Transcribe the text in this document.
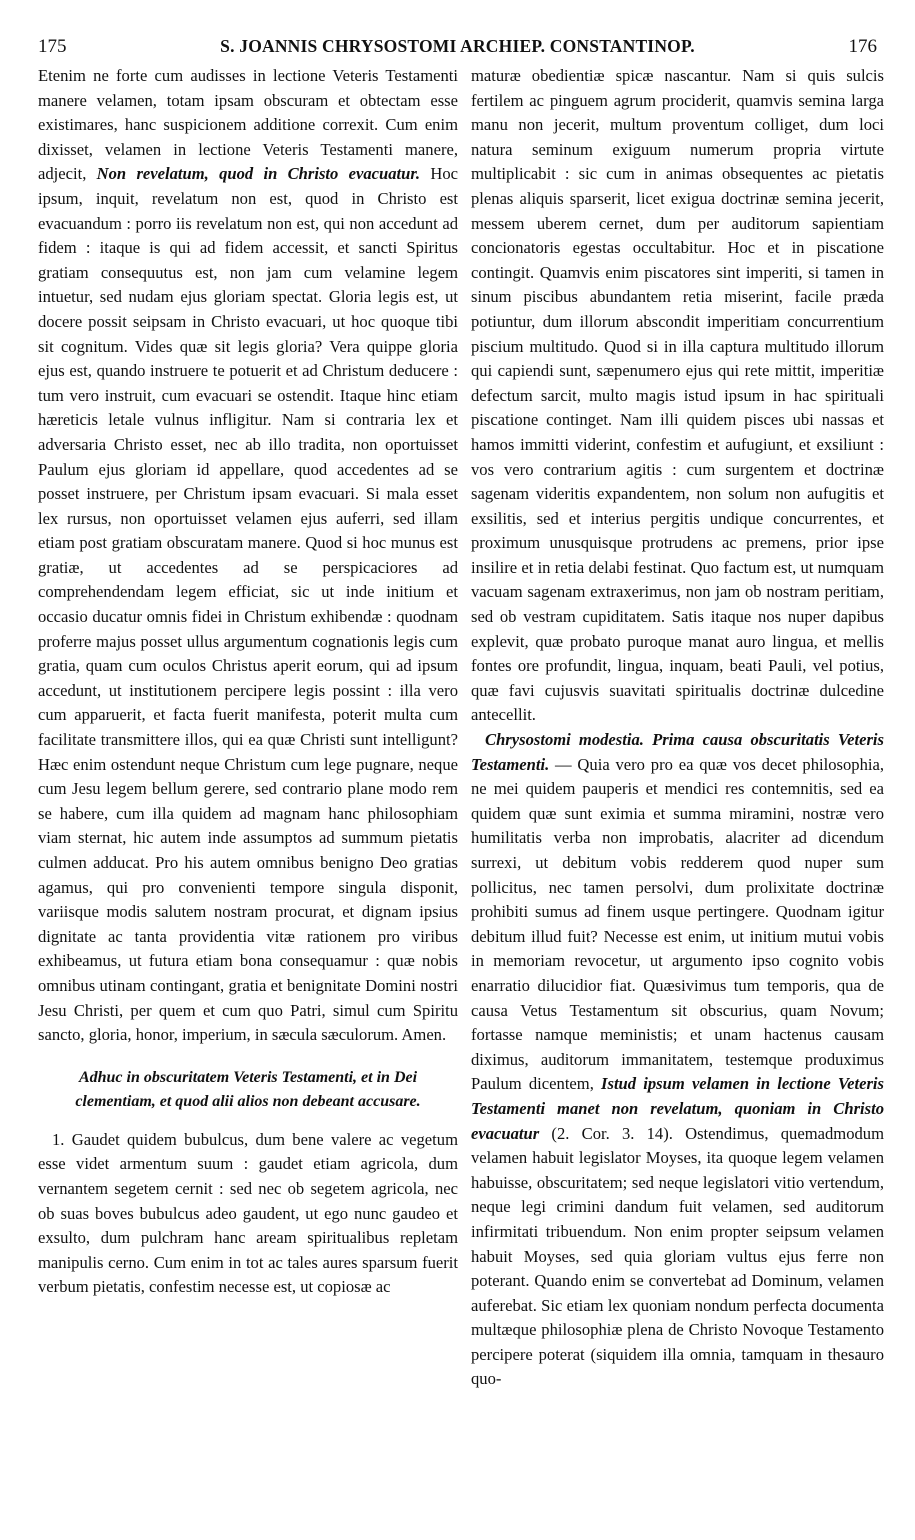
175	S. JOANNIS CHRYSOSTOMI ARCHIEP. CONSTANTINOP.	176

Etenim ne forte cum audisses in lectione Veteris Testamenti manere velamen, totam ipsam obscuram et obtectam esse existimares, hanc suspicionem additione correxit. Cum enim dixisset, velamen in lectione Veteris Testamenti manere, adjecit, Non revelatum, quod in Christo evacuatur. Hoc ipsum, inquit, revelatum non est, quod in Christo est evacuandum : porro iis revelatum non est, qui non accedunt ad fidem : itaque is qui ad fidem accessit, et sancti Spiritus gratiam consequutus est, non jam cum velamine legem intuetur, sed nudam ejus gloriam spectat. Gloria legis est, ut docere possit seipsam in Christo evacuari, ut hoc quoque tibi sit cognitum. Vides quæ sit legis gloria? Vera quippe gloria ejus est, quando instruere te potuerit et ad Christum deducere : tum vero instruit, cum evacuari se ostendit. Itaque hinc etiam hæreticis letale vulnus infligitur. Nam si contraria lex et adversaria Christo esset, nec ab illo tradita, non oportuisset Paulum ejus gloriam id appellare, quod accedentes ad se posset instruere, per Christum ipsam evacuari. Si mala esset lex rursus, non oportuisset velamen ejus auferri, sed illam etiam post gratiam obscuratam manere. Quod si hoc munus est gratiæ, ut accedentes ad se perspicaciores ad comprehendendam legem efficiat, sic ut inde initium et occasio ducatur omnis fidei in Christum exhibendæ : quodnam proferre majus posset ullus argumentum cognationis legis cum gratia, quam cum oculos Christus aperit eorum, qui ad ipsum accedunt, ut institutionem percipere legis possint : illa vero cum apparuerit, et facta fuerit manifesta, poterit multa cum facilitate transmittere illos, qui ea quæ Christi sunt intelligunt? Hæc enim ostendunt neque Christum cum lege pugnare, neque cum Jesu legem bellum gerere, sed contrario plane modo rem se habere, cum illa quidem ad magnam hanc philosophiam viam sternat, hic autem inde assumptos ad summum pietatis culmen adducat. Pro his autem omnibus benigno Deo gratias agamus, qui pro convenienti tempore singula disponit, variisque modis salutem nostram procurat, et dignam ipsius dignitate ac tanta providentia vitæ rationem pro viribus exhibeamus, ut futura etiam bona consequamur : quæ nobis omnibus utinam contingant, gratia et benignitate Domini nostri Jesu Christi, per quem et cum quo Patri, simul cum Spiritu sancto, gloria, honor, imperium, in sæcula sæculorum. Amen.

Adhuc in obscuritatem Veteris Testamenti, et in Dei clementiam, et quod alii alios non debeant accusare.

1. Gaudet quidem bubulcus, dum bene valere ac vegetum esse videt armentum suum : gaudet etiam agricola, dum vernantem segetem cernit : sed nec ob segetem agricola, nec ob suas boves bubulcus adeo gaudent, ut ego nunc gaudeo et exsulto, dum pulchram hanc aream spiritualibus repletam manipulis cerno. Cum enim in tot ac tales aures sparsum fuerit verbum pietatis, confestim necesse est, ut copiosæ ac

maturæ obedientiæ spicæ nascantur. Nam si quis sulcis fertilem ac pinguem agrum prociderit, quamvis semina larga manu non jecerit, multum proventum colliget, dum loci natura seminum exiguum numerum propria virtute multiplicabit : sic cum in animas obsequentes ac pietatis plenas aliquis sparserit, licet exigua doctrinæ semina jecerit, messem uberem cernet, dum per auditorum sapientiam concionatoris egestas occultabitur. Hoc et in piscatione contingit. Quamvis enim piscatores sint imperiti, si tamen in sinum piscibus abundantem retia miserint, facile præda potiuntur, dum illorum abscondit imperitiam concurrentium piscium multitudo. Quod si in illa captura multitudo illorum qui capiendi sunt, sæpenumero ejus qui rete mittit, imperitiæ defectum sarcit, multo magis istud ipsum in hac spirituali piscatione continget. Nam illi quidem pisces ubi nassas et hamos immitti viderint, confestim et aufugiunt, et exsiliunt : vos vero contrarium agitis : cum surgentem et doctrinæ sagenam videritis expandentem, non solum non aufugitis et exsilitis, sed et interius pergitis undique concurrentes, et proximum unusquisque protrudens ac premens, prior ipse insilire et in retia delabi festinat. Quo factum est, ut numquam vacuam sagenam extraxerimus, non jam ob nostram peritiam, sed ob vestram cupiditatem. Satis itaque nos nuper dapibus explevit, quæ probato puroque manat auro lingua, et mellis fontes ore profundit, lingua, inquam, beati Pauli, vel potius, quæ favi cujusvis suavitati spiritualis doctrinæ dulcedine antecellit.

Chrysostomi modestia. Prima causa obscuritatis Veteris Testamenti. — Quia vero pro ea quæ vos decet philosophia, ne mei quidem pauperis et mendici res contemnitis, sed ea quidem quæ sunt eximia et summa miramini, nostræ vero humilitatis verba non improbatis, alacriter ad dicendum surrexi, ut debitum vobis redderem quod nuper sum pollicitus, nec tamen persolvi, dum prolixitate doctrinæ prohibiti sumus ad finem usque pertingere. Quodnam igitur debitum illud fuit? Necesse est enim, ut initium mutui vobis in memoriam revocetur, ut argumento ipso cognito vobis enarratio dilucidior fiat. Quæsivimus tum temporis, qua de causa Vetus Testamentum sit obscurius, quam Novum; fortasse namque meministis; et unam hactenus causam diximus, auditorum immanitatem, testemque produximus Paulum dicentem, Istud ipsum velamen in lectione Veteris Testamenti manet non revelatum, quoniam in Christo evacuatur (2. Cor. 3. 14). Ostendimus, quemadmodum velamen habuit legislator Moyses, ita quoque legem velamen habuisse, obscuritatem; sed neque legislatori vitio vertendum, neque legi crimini dandum fuit velamen, sed auditorum infirmitati tribuendum. Non enim propter seipsum velamen habuit Moyses, sed quia gloriam vultus ejus ferre non poterant. Quando enim se convertebat ad Dominum, velamen auferebat. Sic etiam lex quoniam nondum perfecta documenta multæque philosophiæ plena de Christo Novoque Testamento percipere poterat (siquidem illa omnia, tamquam in thesauro quo-
